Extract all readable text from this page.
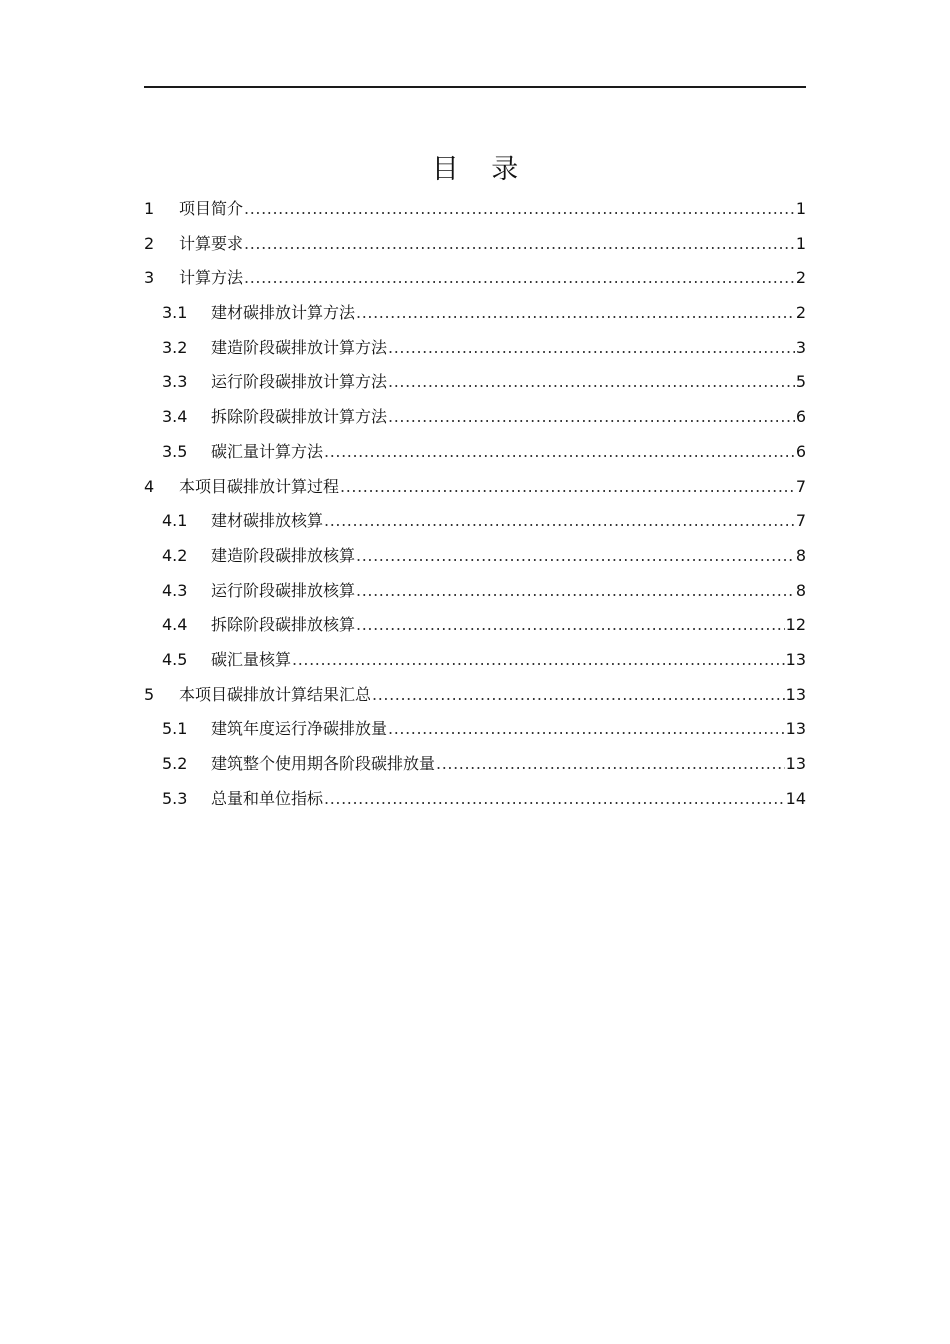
目 录
1	项目简介 .....	1
2	计算要求 .....	1
3	计算方法 .....	2
3.1	建材碳排放计算方法 .....	2
3.2	建造阶段碳排放计算方法 .....	3
3.3	运行阶段碳排放计算方法 .....	5
3.4	拆除阶段碳排放计算方法 .....	6
3.5	碳汇量计算方法 .....	6
4	本项目碳排放计算过程 .....	7
4.1	建材碳排放核算 .....	7
4.2	建造阶段碳排放核算 .....	8
4.3	运行阶段碳排放核算 .....	8
4.4	拆除阶段碳排放核算 .....	12
4.5	碳汇量核算 .....	13
5	本项目碳排放计算结果汇总 .....	13
5.1	建筑年度运行净碳排放量 .....	13
5.2	建筑整个使用期各阶段碳排放量 .....	13
5.3	总量和单位指标 .....	14
